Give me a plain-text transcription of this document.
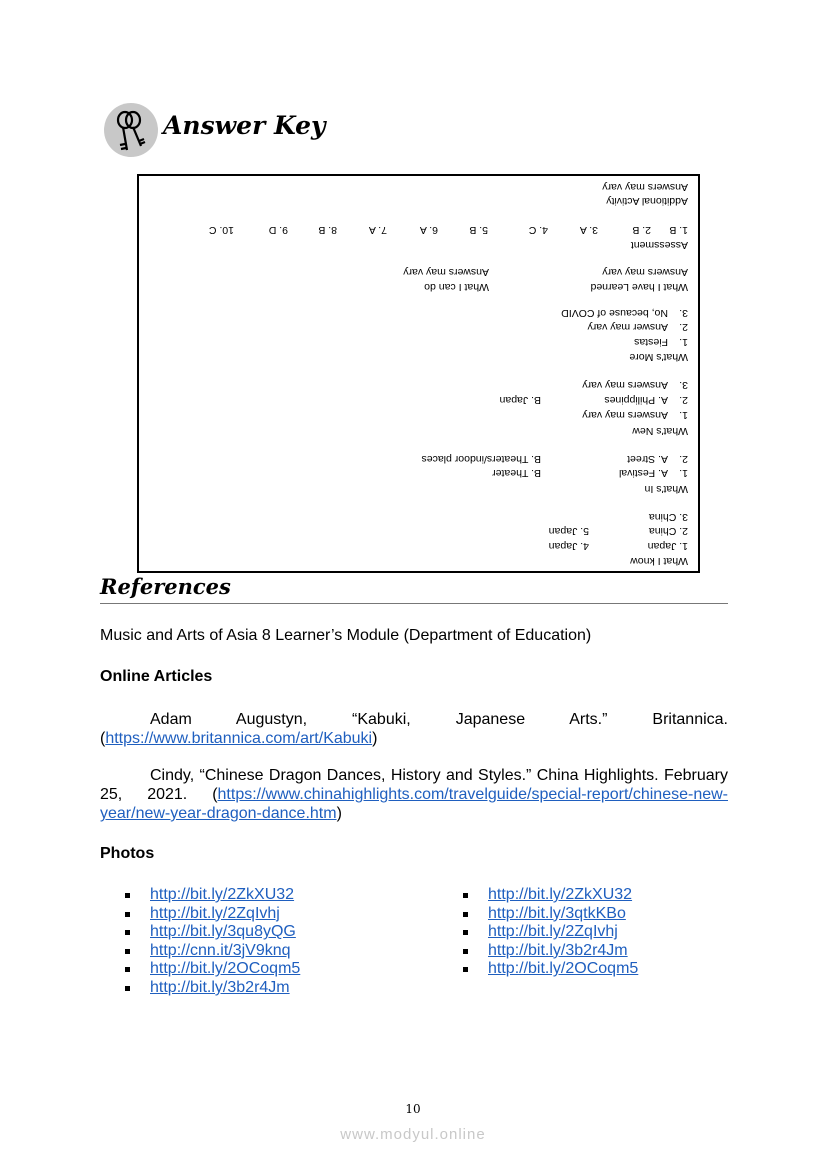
Answer Key
What I know
1. Japan
4. Japan
2. China
5. Japan
3. China
What's In
1.
A. Festival
B. Theater
2.
A. Street
B. Theaters/indoor places
What's New
1.
Answers may vary
2.
A. Philippines
B. Japan
3.
Answers may vary
What's More
1.
Fiestas
2.
Answer may vary
3.
No, because of COVID
What I have Learned
What I can do
Answers may vary
Answers may vary
Assessment
1. B
2. B
3. A
4. C
5. B
6. A
7. A
8. B
9. D
10. C
Additional Activity
Answers may vary
References
Music and Arts of Asia 8 Learner’s Module (Department of Education)
Online Articles
Adam Augustyn, “Kabuki, Japanese Arts.” Britannica. (https://www.britannica.com/art/Kabuki)
Cindy, “Chinese Dragon Dances, History and Styles.” China Highlights. February 25, 2021. (https://www.chinahighlights.com/travelguide/special-report/chinese-new-year/new-year-dragon-dance.htm)
Photos
http://bit.ly/2ZkXU32
http://bit.ly/2ZqIvhj
http://bit.ly/3qu8yQG
http://cnn.it/3jV9knq
http://bit.ly/2OCoqm5
http://bit.ly/3b2r4Jm
http://bit.ly/2ZkXU32
http://bit.ly/3qtkKBo
http://bit.ly/2ZqIvhj
http://bit.ly/3b2r4Jm
http://bit.ly/2OCoqm5
10
www.modyul.online
